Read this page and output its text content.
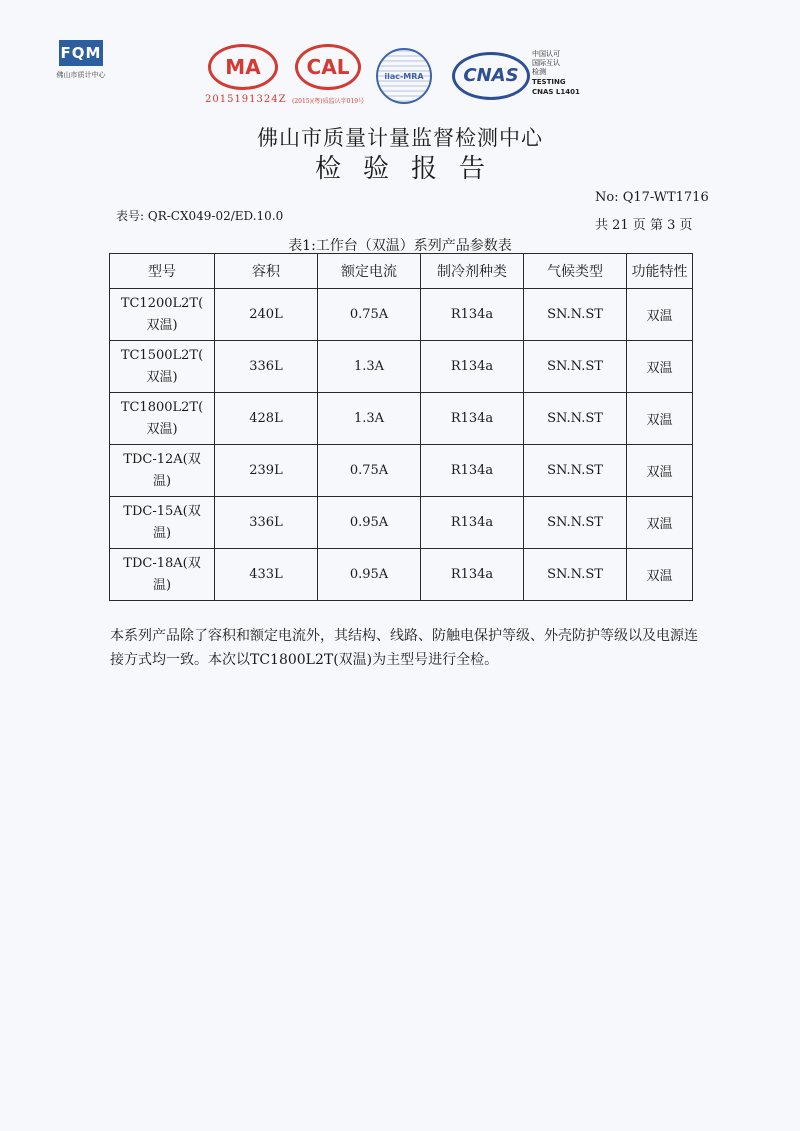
FQM
佛山市质计中心	MA
2015191324Z
CAL
(2015)(粤)质监认字019号
ilac-MRA	CNAS
中国认可
国际互认
检测
TESTING
CNAS L1401
佛山市质量计量监督检测中心
检验报告
No: Q17-WT1716
表号: QR-CX049-02/ED.10.0
共 21 页 第 3 页
表1:工作台（双温）系列产品参数表
型号	容积	额定电流	制冷剂种类	气候类型	功能特性
TC1200L2T(
双温)	240L	0.75A	R134a	SN.N.ST	双温
TC1500L2T(
双温)	336L	1.3A	R134a	SN.N.ST	双温
TC1800L2T(
双温)	428L	1.3A	R134a	SN.N.ST	双温
TDC-12A(双
温)	239L	0.75A	R134a	SN.N.ST	双温
TDC-15A(双
温)	336L	0.95A	R134a	SN.N.ST	双温
TDC-18A(双
温)	433L	0.95A	R134a	SN.N.ST	双温
本系列产品除了容积和额定电流外，其结构、线路、防触电保护等级、外壳防护等级以及电源连接方式均一致。本次以TC1800L2T(双温)为主型号进行全检。
